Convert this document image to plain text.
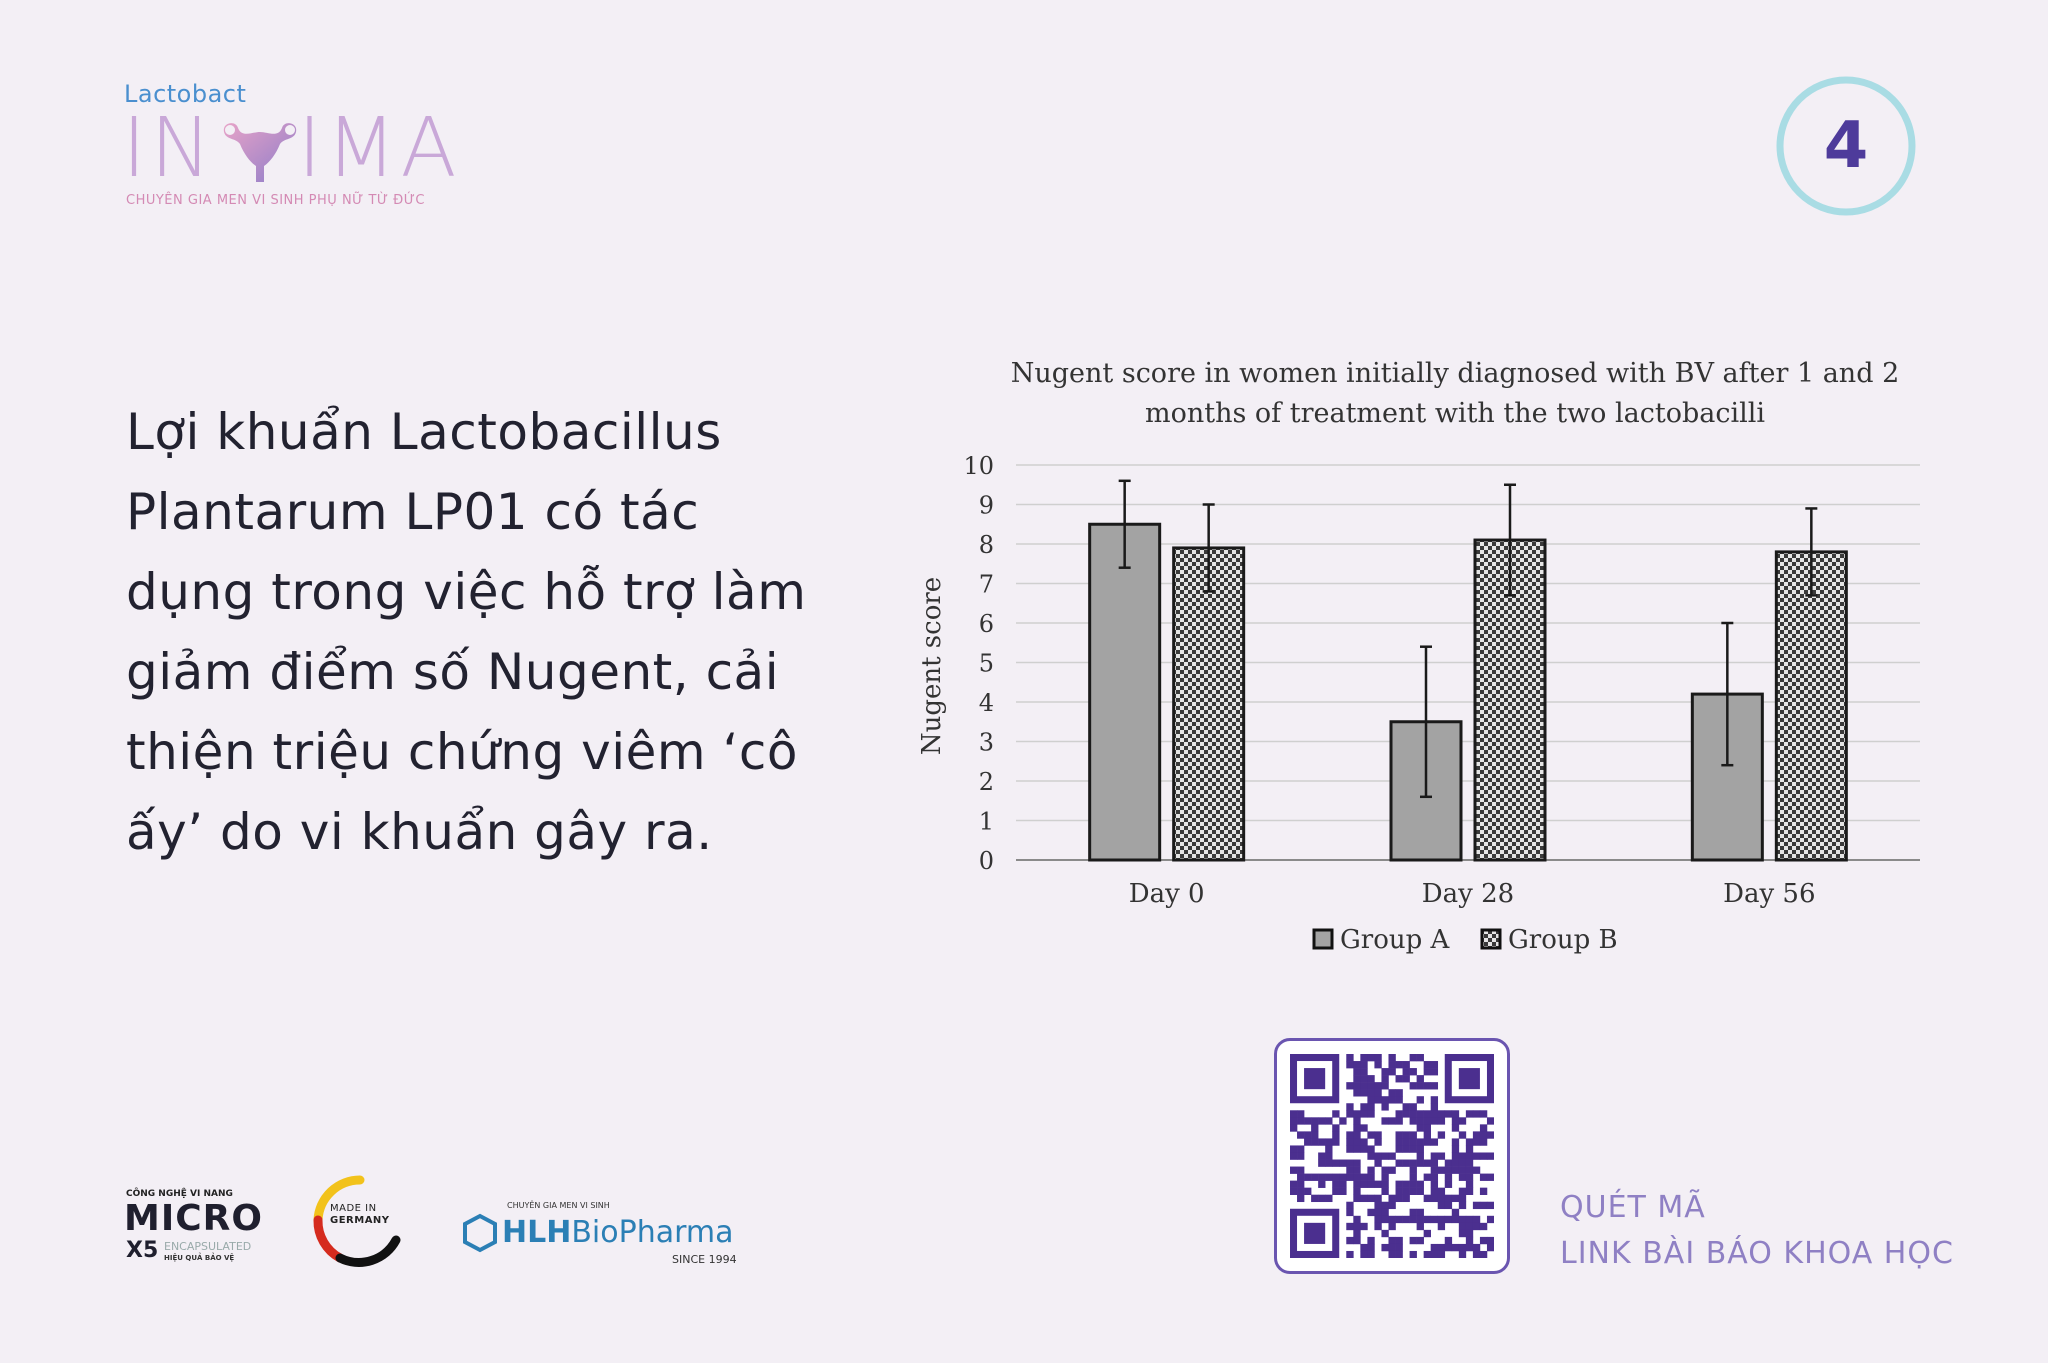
Lactobact
IN IMA
CHUYÊN GIA MEN VI SINH PHỤ NỮ TỪ ĐỨC
4
Lợi khuẩn Lactobacillus
Plantarum LP01 có tác
dụng trong việc hỗ trợ làm
giảm điểm số Nugent, cải
thiện triệu chứng viêm ‘cô
ấy’ do vi khuẩn gây ra.
Nugent score in women initially diagnosed with BV after 1 and 2
months of treatment with the two lactobacilli
Nugent score
0
1
2
3
4
5
6
7
8
9
10
Day 0	Day 28	Day 56
Group A Group B
QUÉT MÃ
LINK BÀI BÁO KHOA HỌC
CÔNG NGHỆ VI NANG
MICRO
X5 ENCAPSULATED
HIỆU QUẢ BẢO VỆ
MADE IN
GERMANY
CHUYÊN GIA MEN VI SINH
HLHBioPharma
SINCE 1994
